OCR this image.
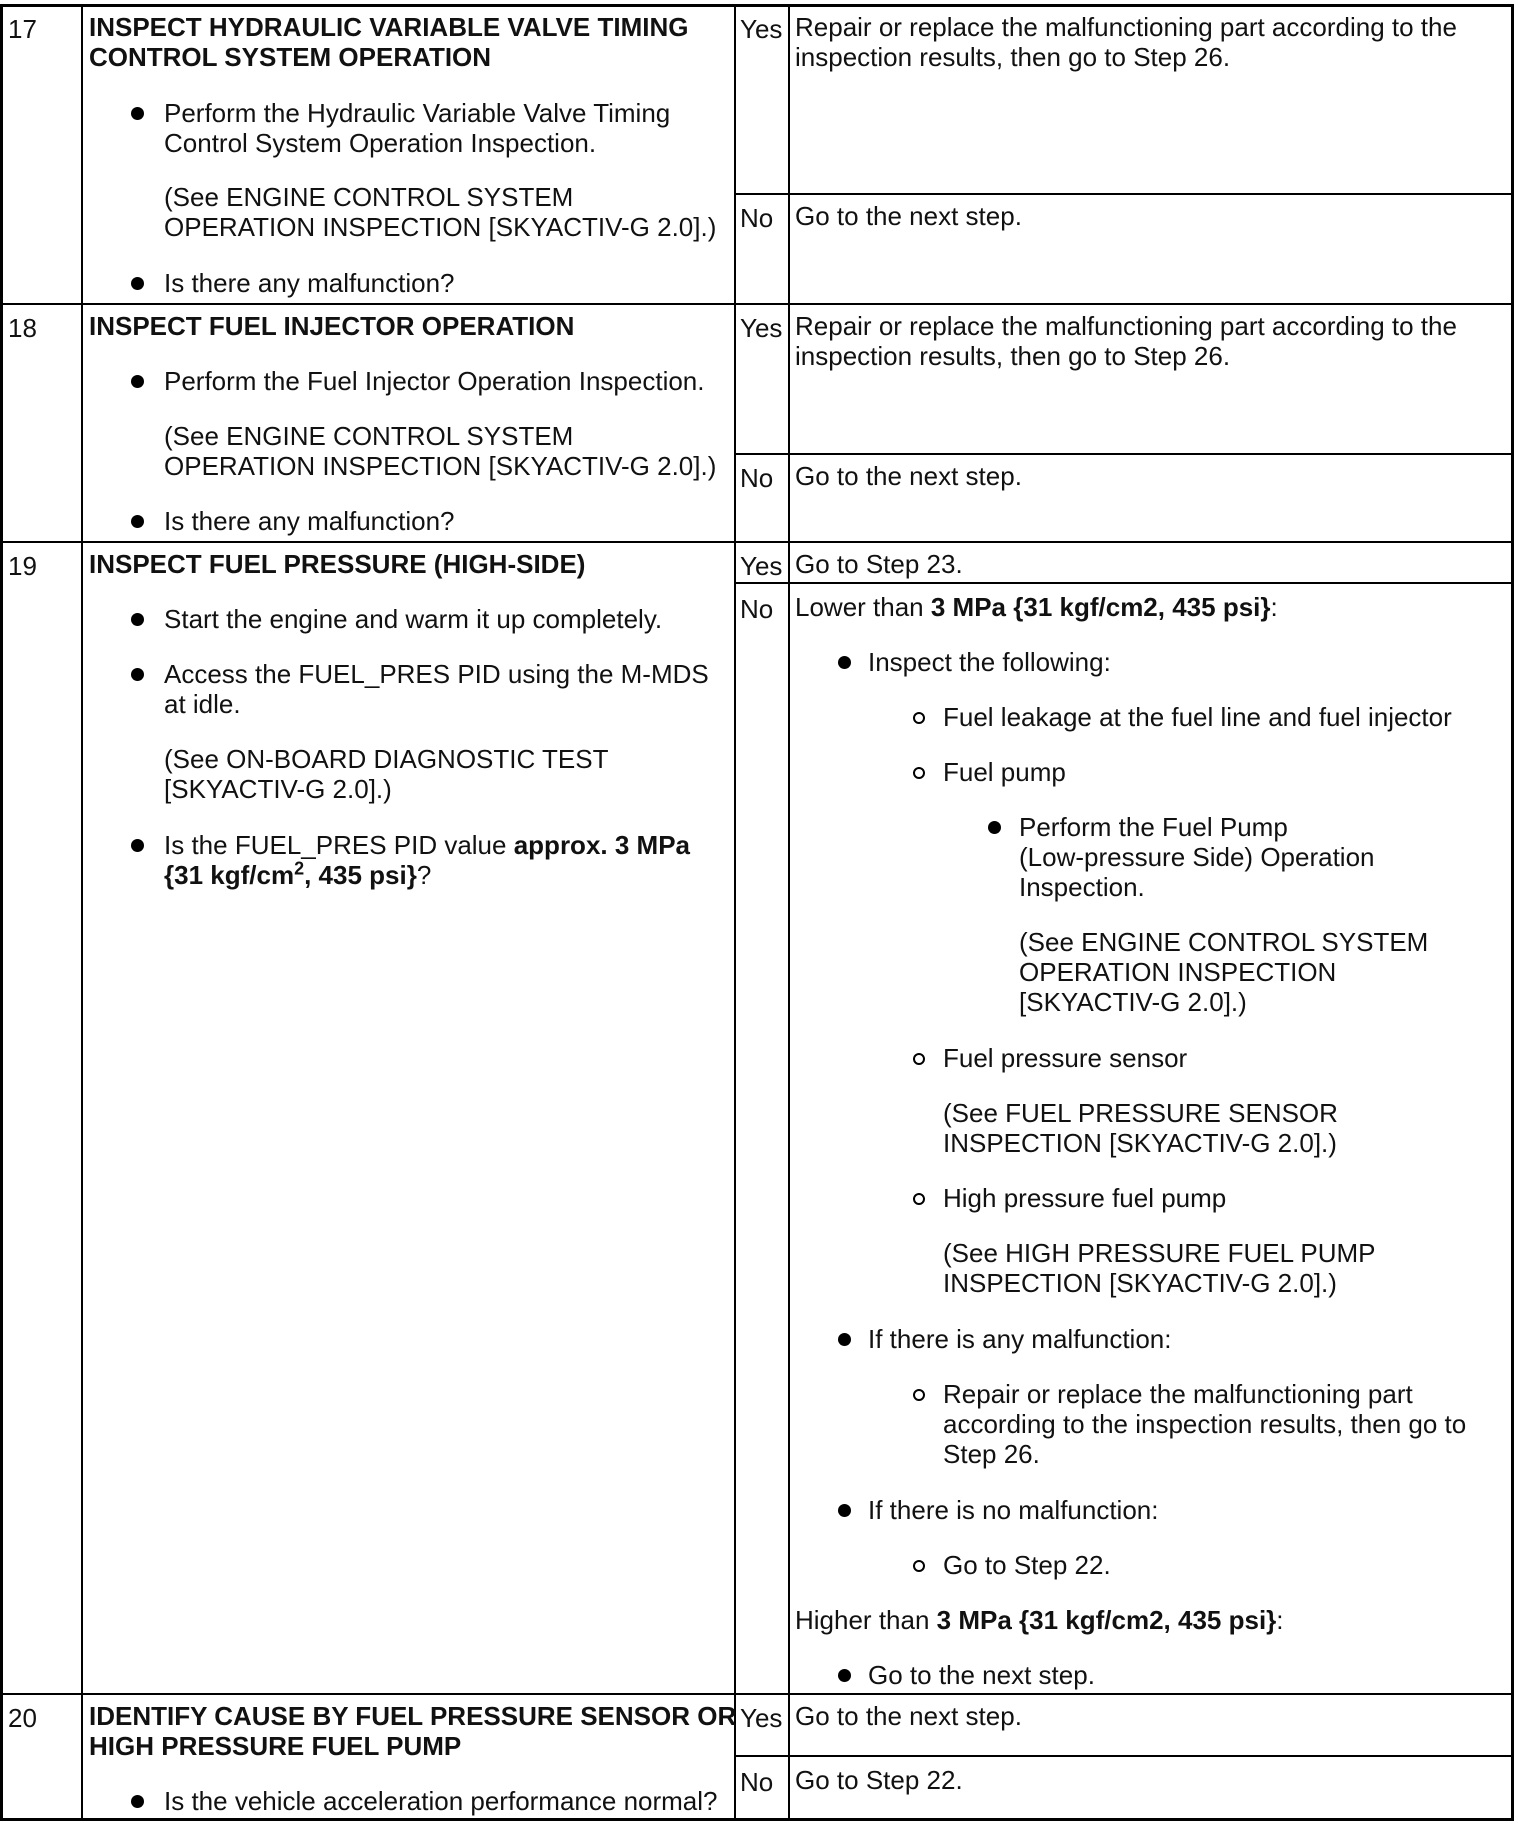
17 INSPECT HYDRAULIC VARIABLE VALVE TIMING
CONTROL SYSTEM OPERATION
Perform the Hydraulic Variable Valve Timing
Control System Operation Inspection.
(See ENGINE CONTROL SYSTEM
OPERATION INSPECTION [SKYACTIV-G 2.0].)
Is there any malfunction?
Yes Repair or replace the malfunctioning part according to the
inspection results, then go to Step 26.
No Go to the next step.
18 INSPECT FUEL INJECTOR OPERATION
Perform the Fuel Injector Operation Inspection.
(See ENGINE CONTROL SYSTEM
OPERATION INSPECTION [SKYACTIV-G 2.0].)
Is there any malfunction?
Yes Repair or replace the malfunctioning part according to the
inspection results, then go to Step 26.
No Go to the next step.
19 INSPECT FUEL PRESSURE (HIGH-SIDE)
Start the engine and warm it up completely.
Access the FUEL_PRES PID using the M-MDS
at idle.
(See ON-BOARD DIAGNOSTIC TEST
[SKYACTIV-G 2.0].)
Is the FUEL_PRES PID value approx. 3 MPa
{31 kgf/$cm^2$, 435 psi}?
Yes Go to Step 23.
No Lower than 3 MPa {31 kgf/cm2, 435 psi}:
Inspect the following:
Fuel leakage at the fuel line and fuel injector
Fuel pump
Perform the Fuel Pump
(Low-pressure Side) Operation
Inspection.
(See ENGINE CONTROL SYSTEM
OPERATION INSPECTION
[SKYACTIV-G 2.0].)
Fuel pressure sensor
(See FUEL PRESSURE SENSOR
INSPECTION [SKYACTIV-G 2.0].)
High pressure fuel pump
(See HIGH PRESSURE FUEL PUMP
INSPECTION [SKYACTIV-G 2.0].)
If there is any malfunction:
Repair or replace the malfunctioning part
according to the inspection results, then go to
Step 26.
If there is no malfunction:
Go to Step 22.
Higher than 3 MPa {31 kgf/cm2, 435 psi}:
Go to the next step.
20 IDENTIFY CAUSE BY FUEL PRESSURE SENSOR OR
HIGH PRESSURE FUEL PUMP
Is the vehicle acceleration performance normal?
Yes Go to the next step.
No Go to Step 22.
